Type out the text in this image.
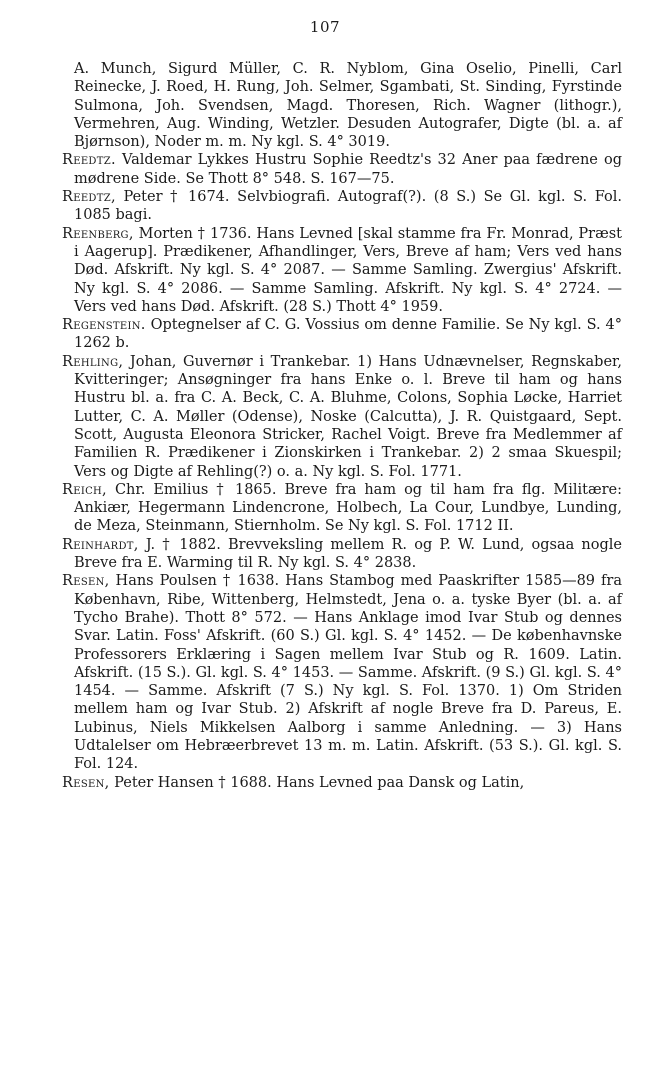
107

A. Munch, Sigurd Müller, C. R. Nyblom, Gina Oselio, Pinelli, Carl Reinecke, J. Roed, H. Rung, Joh. Selmer, Sgambati, St. Sinding, Fyrstinde Sulmona, Joh. Svendsen, Magd. Thoresen, Rich. Wagner (lithogr.), Vermehren, Aug. Winding, Wetzler. Desuden Autografer, Digte (bl. a. af Bjørnson), Noder m. m. Ny kgl. S. 4° 3019.

Reedtz. Valdemar Lykkes Hustru Sophie Reedtz's 32 Aner paa fædrene og mødrene Side. Se Thott 8° 548. S. 167—75.

Reedtz, Peter † 1674. Selvbiografi. Autograf(?). (8 S.) Se Gl. kgl. S. Fol. 1085 bagi.

Reenberg, Morten † 1736. Hans Levned [skal stamme fra Fr. Monrad, Præst i Aagerup]. Prædikener, Afhandlinger, Vers, Breve af ham; Vers ved hans Død. Afskrift. Ny kgl. S. 4° 2087. — Samme Samling. Zwergius' Afskrift. Ny kgl. S. 4° 2086. — Samme Samling. Afskrift. Ny kgl. S. 4° 2724. — Vers ved hans Død. Afskrift. (28 S.) Thott 4° 1959.

Regenstein. Optegnelser af C. G. Vossius om denne Familie. Se Ny kgl. S. 4° 1262 b.

Rehling, Johan, Guvernør i Trankebar. 1) Hans Udnævnelser, Regnskaber, Kvitteringer; Ansøgninger fra hans Enke o. l. Breve til ham og hans Hustru bl. a. fra C. A. Beck, C. A. Bluhme, Colons, Sophia Løcke, Harriet Lutter, C. A. Møller (Odense), Noske (Calcutta), J. R. Quistgaard, Sept. Scott, Augusta Eleonora Stricker, Rachel Voigt. Breve fra Medlemmer af Familien R. Prædikener i Zionskirken i Trankebar. 2) 2 smaa Skuespil; Vers og Digte af Rehling(?) o. a. Ny kgl. S. Fol. 1771.

Reich, Chr. Emilius † 1865. Breve fra ham og til ham fra flg. Militære: Ankiær, Hegermann Lindencrone, Holbech, La Cour, Lundbye, Lunding, de Meza, Steinmann, Stiernholm. Se Ny kgl. S. Fol. 1712 II.

Reinhardt, J. † 1882. Brevveksling mellem R. og P. W. Lund, ogsaa nogle Breve fra E. Warming til R. Ny kgl. S. 4° 2838.

Resen, Hans Poulsen † 1638. Hans Stambog med Paaskrifter 1585—89 fra København, Ribe, Wittenberg, Helmstedt, Jena o. a. tyske Byer (bl. a. af Tycho Brahe). Thott 8° 572. — Hans Anklage imod Ivar Stub og dennes Svar. Latin. Foss' Afskrift. (60 S.) Gl. kgl. S. 4° 1452. — De københavnske Professorers Erklæring i Sagen mellem Ivar Stub og R. 1609. Latin. Afskrift. (15 S.). Gl. kgl. S. 4° 1453. — Samme. Afskrift. (9 S.) Gl. kgl. S. 4° 1454. — Samme. Afskrift (7 S.) Ny kgl. S. Fol. 1370. 1) Om Striden mellem ham og Ivar Stub. 2) Afskrift af nogle Breve fra D. Pareus, E. Lubinus, Niels Mikkelsen Aalborg i samme Anledning. — 3) Hans Udtalelser om Hebræerbrevet 13 m. m. Latin. Afskrift. (53 S.). Gl. kgl. S. Fol. 124.

Resen, Peter Hansen † 1688. Hans Levned paa Dansk og Latin,
